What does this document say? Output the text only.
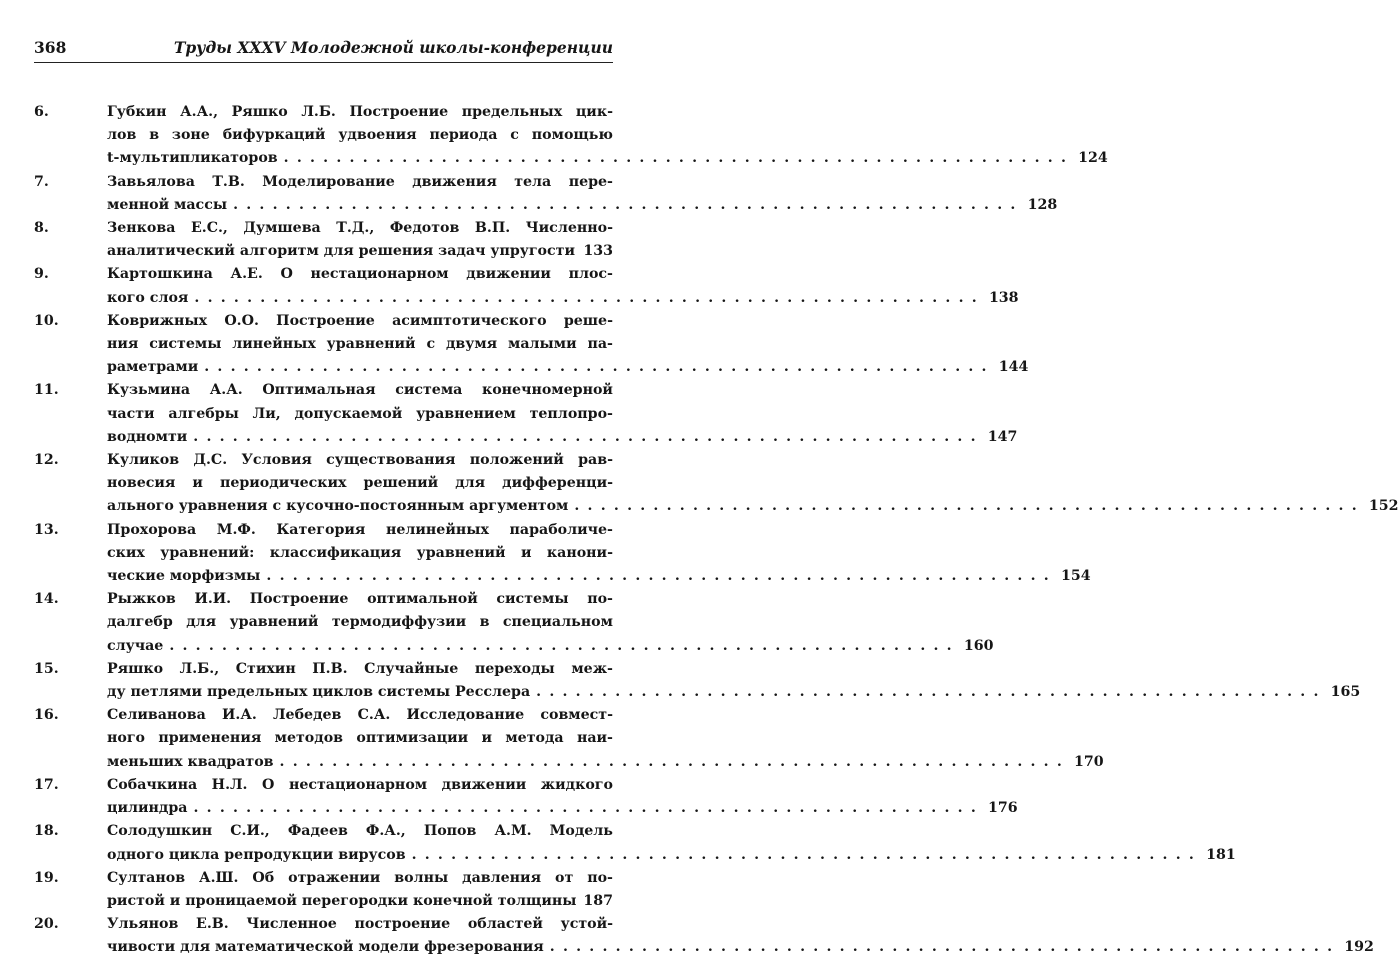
368	Труды XXXV Молодежной школы-конференции
6.	Губкин А.А., Ряшко Л.Б. Построение предельных цик-
лов в зоне бифуркаций удвоения периода с помощью
t-мультипликаторов ............................................................ 124
7.	Завьялова Т.В. Моделирование движения тела пере-
менной массы ............................................................ 128
8.	Зенкова Е.С., Думшева Т.Д., Федотов В.П. Численно-
аналитический алгоритм для решения задач упругости 133
9.	Картошкина А.Е. О нестационарном движении плос-
кого слоя ............................................................ 138
10.	Коврижных О.О. Построение асимптотического реше-
ния системы линейных уравнений с двумя малыми па-
раметрами ............................................................ 144
11.	Кузьмина А.А. Оптимальная система конечномерной
части алгебры Ли, допускаемой уравнением теплопро-
водномти ............................................................ 147
12.	Куликов Д.С. Условия существования положений рав-
новесия и периодических решений для дифференци-
ального уравнения с кусочно-постоянным аргументом ............................................................ 152
13.	Прохорова М.Ф. Категория нелинейных параболиче-
ских уравнений: классификация уравнений и канони-
ческие морфизмы ............................................................ 154
14.	Рыжков И.И. Построение оптимальной системы по-
далгебр для уравнений термодиффузии в специальном
случае ............................................................ 160
15.	Ряшко Л.Б., Стихин П.В. Случайные переходы меж-
ду петлями предельных циклов системы Ресслера ............................................................ 165
16.	Селиванова И.А. Лебедев С.А. Исследование совмест-
ного применения методов оптимизации и метода наи-
меньших квадратов ............................................................ 170
17.	Собачкина Н.Л. О нестационарном движении жидкого
цилиндра ............................................................ 176
18.	Солодушкин С.И., Фадеев Ф.А., Попов А.М. Модель
одного цикла репродукции вирусов ............................................................ 181
19.	Султанов А.Ш. Об отражении волны давления от по-
ристой и проницаемой перегородки конечной толщины 187
20.	Ульянов Е.В. Численное построение областей устой-
чивости для математической модели фрезерования ............................................................ 192
